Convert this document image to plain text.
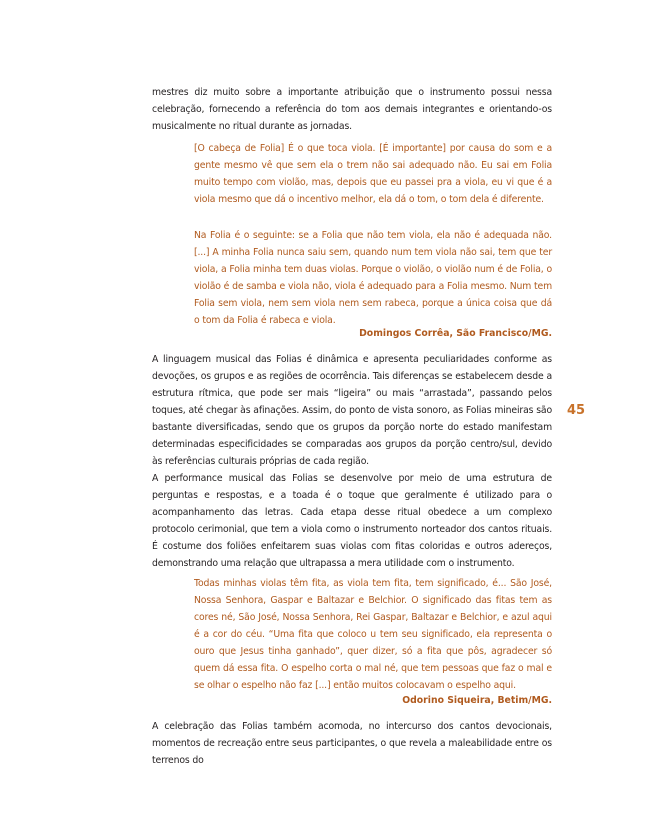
mestres diz muito sobre a importante atribuição que o instrumento possui nessa celebração, fornecendo a referência do tom aos demais integrantes e orientando-os musicalmente no ritual durante as jornadas.

[O cabeça de Folia] É o que toca viola. [É importante] por causa do som e a gente mesmo vê que sem ela o trem não sai adequado não. Eu sai em Folia muito tempo com violão, mas, depois que eu passei pra a viola, eu vi que é a viola mesmo que dá o incentivo melhor, ela dá o tom, o tom dela é diferente.

Na Folia é o seguinte: se a Folia que não tem viola, ela não é adequada não. [...] A minha Folia nunca saiu sem, quando num tem viola não sai, tem que ter viola, a Folia minha tem duas violas. Porque o violão, o violão num é de Folia, o violão é de samba e viola não, viola é adequado para a Folia mesmo. Num tem Folia sem viola, nem sem viola nem sem rabeca, porque a única coisa que dá o tom da Folia é rabeca e viola.

Domingos Corrêa, São Francisco/MG.

A linguagem musical das Folias é dinâmica e apresenta peculiaridades conforme as devoções, os grupos e as regiões de ocorrência. Tais diferenças se estabelecem desde a estrutura rítmica, que pode ser mais “ligeira” ou mais “arrastada”, passando pelos toques, até chegar às afinações. Assim, do ponto de vista sonoro, as Folias mineiras são bastante diversificadas, sendo que os grupos da porção norte do estado manifestam determinadas especificidades se comparadas aos grupos da porção centro/sul, devido às referências culturais próprias de cada região.

45

A performance musical das Folias se desenvolve por meio de uma estrutura de perguntas e respostas, e a toada é o toque que geralmente é utilizado para o acompanhamento das letras. Cada etapa desse ritual obedece a um complexo protocolo cerimonial, que tem a viola como o instrumento norteador dos cantos rituais. É costume dos foliões enfeitarem suas violas com fitas coloridas e outros adereços, demonstrando uma relação que ultrapassa a mera utilidade com o instrumento.

Todas minhas violas têm fita, as viola tem fita, tem significado, é... São José, Nossa Senhora, Gaspar e Baltazar e Belchior. O significado das fitas tem as cores né, São José, Nossa Senhora, Rei Gaspar, Baltazar e Belchior, e azul aqui é a cor do céu. “Uma fita que coloco u tem seu significado, ela representa o ouro que Jesus tinha ganhado”, quer dizer, só a fita que pôs, agradecer só quem dá essa fita. O espelho corta o mal né, que tem pessoas que faz o mal e se olhar o espelho não faz [...] então muitos colocavam o espelho aqui.

Odorino Siqueira, Betim/MG.

A celebração das Folias também acomoda, no intercurso dos cantos devocionais, momentos de recreação entre seus participantes, o que revela a maleabilidade entre os terrenos do
